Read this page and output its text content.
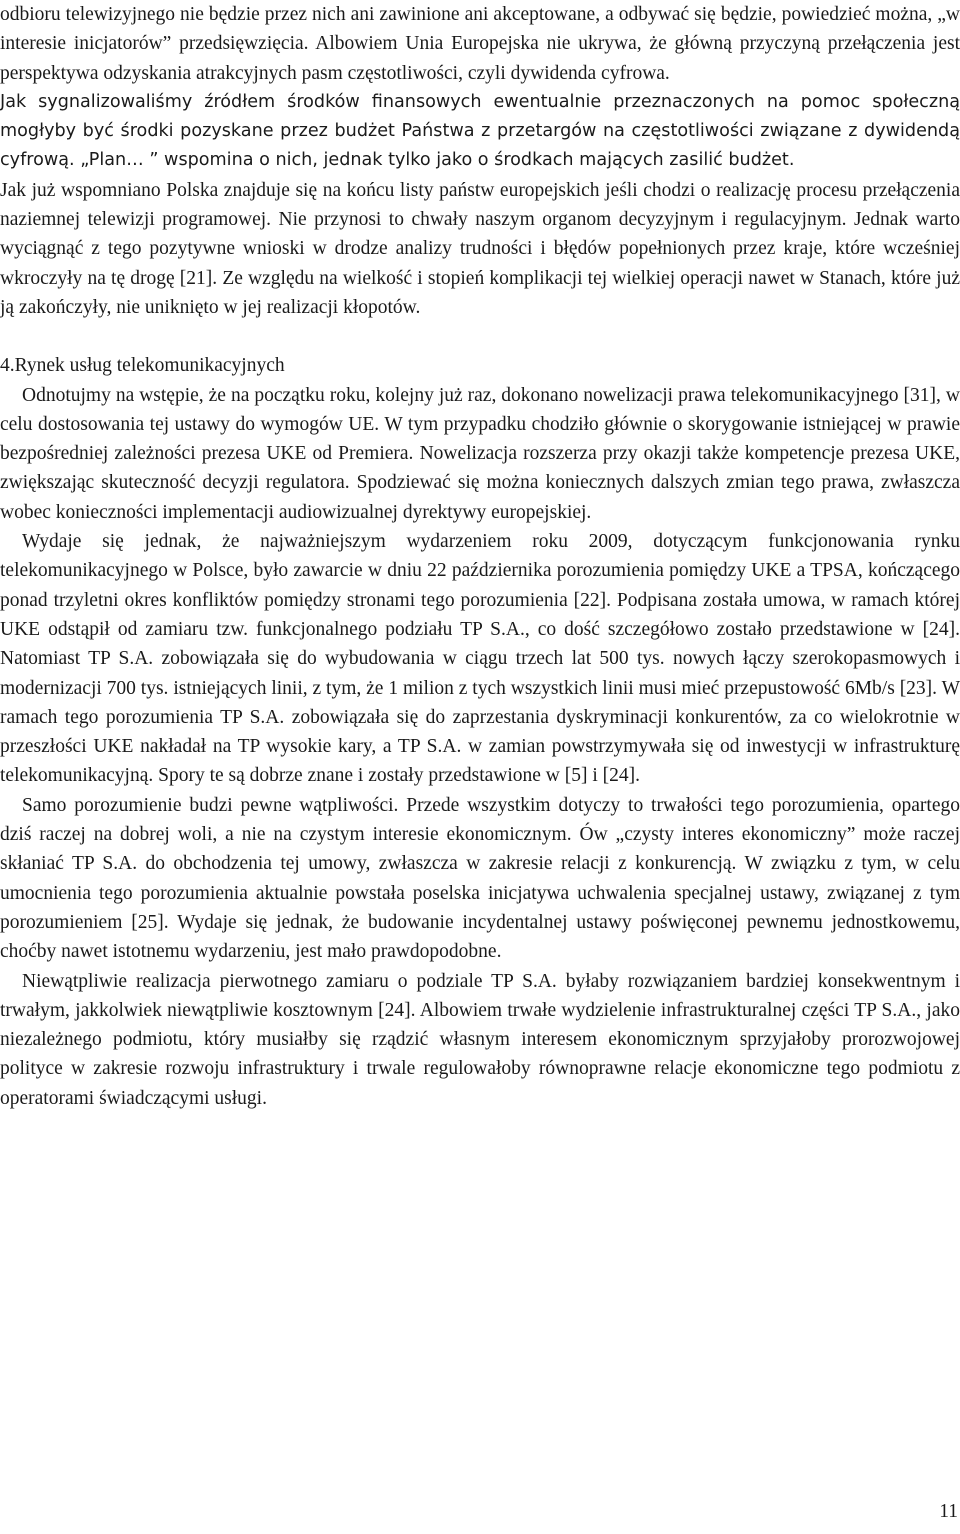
odbioru telewizyjnego nie będzie przez nich ani zawinione ani akceptowane, a odbywać się będzie, powiedzieć można, „w interesie inicjatorów” przedsięwzięcia. Albowiem Unia Europejska nie ukrywa, że główną przyczyną przełączenia jest perspektywa odzyskania atrakcyjnych pasm częstotliwości, czyli dywidenda cyfrowa.

Jak sygnalizowaliśmy źródłem środków finansowych ewentualnie przeznaczonych na pomoc społeczną mogłyby być środki pozyskane przez budżet Państwa z przetargów na częstotliwości związane z dywidendą cyfrową. „Plan… ” wspomina o nich, jednak tylko jako o środkach mających zasilić budżet.

Jak już wspomniano Polska znajduje się na końcu listy państw europejskich jeśli chodzi o realizację procesu przełączenia naziemnej telewizji programowej. Nie przynosi to chwały naszym organom decyzyjnym i regulacyjnym. Jednak warto wyciągnąć z tego pozytywne wnioski w drodze analizy trudności i błędów popełnionych przez kraje, które wcześniej wkroczyły na tę drogę [21]. Ze względu na wielkość i stopień komplikacji tej wielkiej operacji nawet w Stanach, które już ją zakończyły, nie uniknięto w jej realizacji kłopotów.

4.Rynek usług telekomunikacyjnych

Odnotujmy na wstępie, że na początku roku, kolejny już raz, dokonano nowelizacji prawa telekomunikacyjnego [31], w celu dostosowania tej ustawy do wymogów UE. W tym przypadku chodziło głównie o skorygowanie istniejącej w prawie bezpośredniej zależności prezesa UKE od Premiera. Nowelizacja rozszerza przy okazji także kompetencje prezesa UKE, zwiększając skuteczność decyzji regulatora. Spodziewać się można koniecznych dalszych zmian tego prawa, zwłaszcza wobec konieczności implementacji audiowizualnej dyrektywy europejskiej.

Wydaje się jednak, że najważniejszym wydarzeniem roku 2009, dotyczącym funkcjonowania rynku telekomunikacyjnego w Polsce, było zawarcie w dniu 22 października porozumienia pomiędzy UKE a TPSA, kończącego ponad trzyletni okres konfliktów pomiędzy stronami tego porozumienia [22]. Podpisana została umowa, w ramach której UKE odstąpił od zamiaru tzw. funkcjonalnego podziału TP S.A., co dość szczegółowo zostało przedstawione w [24]. Natomiast TP S.A. zobowiązała się do wybudowania w ciągu trzech lat 500 tys. nowych łączy szerokopasmowych i modernizacji 700 tys. istniejących linii, z tym, że 1 milion z tych wszystkich linii musi mieć przepustowość 6Mb/s [23]. W ramach tego porozumienia TP S.A. zobowiązała się do zaprzestania dyskryminacji konkurentów, za co wielokrotnie w przeszłości UKE nakładał na TP wysokie kary, a TP S.A. w zamian powstrzymywała się od inwestycji w infrastrukturę telekomunikacyjną. Spory te są dobrze znane i zostały przedstawione w [5] i [24].

Samo porozumienie budzi pewne wątpliwości. Przede wszystkim dotyczy to trwałości tego porozumienia, opartego dziś raczej na dobrej woli, a nie na czystym interesie ekonomicznym. Ów „czysty interes ekonomiczny” może raczej skłaniać TP S.A. do obchodzenia tej umowy, zwłaszcza w zakresie relacji z konkurencją. W związku z tym, w celu umocnienia tego porozumienia aktualnie powstała poselska inicjatywa uchwalenia specjalnej ustawy, związanej z tym porozumieniem [25]. Wydaje się jednak, że budowanie incydentalnej ustawy poświęconej pewnemu jednostkowemu, choćby nawet istotnemu wydarzeniu, jest mało prawdopodobne.

Niewątpliwie realizacja pierwotnego zamiaru o podziale TP S.A. byłaby rozwiązaniem bardziej konsekwentnym i trwałym, jakkolwiek niewątpliwie kosztownym [24]. Albowiem trwałe wydzielenie infrastrukturalnej części TP S.A., jako niezależnego podmiotu, który musiałby się rządzić własnym interesem ekonomicznym sprzyjałoby prorozwojowej polityce w zakresie rozwoju infrastruktury i trwale regulowałoby równoprawne relacje ekonomiczne tego podmiotu z operatorami świadczącymi usługi.

11
